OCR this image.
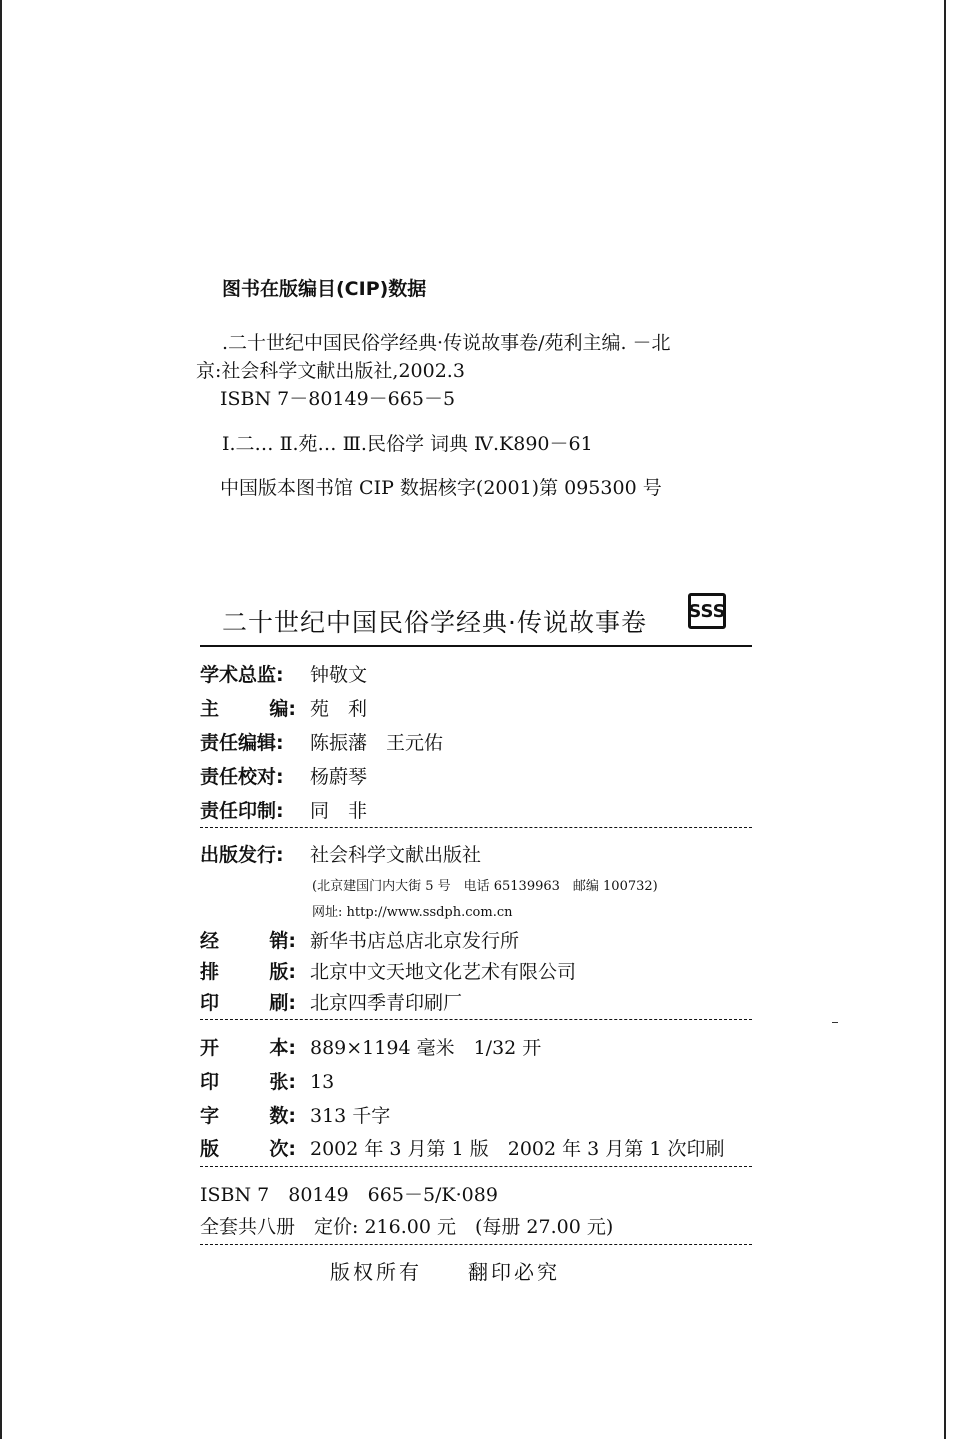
图书在版编目(CIP)数据
.二十世纪中国民俗学经典·传说故事卷/苑利主编. －北
京:社会科学文献出版社,2002.3
ISBN 7－80149－665－5
Ⅰ.二… Ⅱ.苑… Ⅲ.民俗学 词典 Ⅳ.K890－61
中国版本图书馆 CIP 数据核字(2001)第 095300 号
二十世纪中国民俗学经典·传说故事卷 SSS
学术总监:	钟敬文
主	编: 苑　利
责任编辑:	陈振藩　王元佑
责任校对:	杨蔚琴
责任印制:	同　非
出版发行:	社会科学文献出版社
(北京建国门内大街 5 号　电话 65139963　邮编 100732)
网址: http://www.ssdph.com.cn
经	销: 新华书店总店北京发行所
排	版: 北京中文天地文化艺术有限公司
印	刷: 北京四季青印刷厂
开	本: 889×1194 毫米　1/32 开
印	张: 13
字	数: 313 千字
版	次: 2002 年 3 月第 1 版　2002 年 3 月第 1 次印刷
ISBN 7　80149　665－5/K·089
全套共八册　定价: 216.00 元　(每册 27.00 元)
版权所有　　翻印必究
